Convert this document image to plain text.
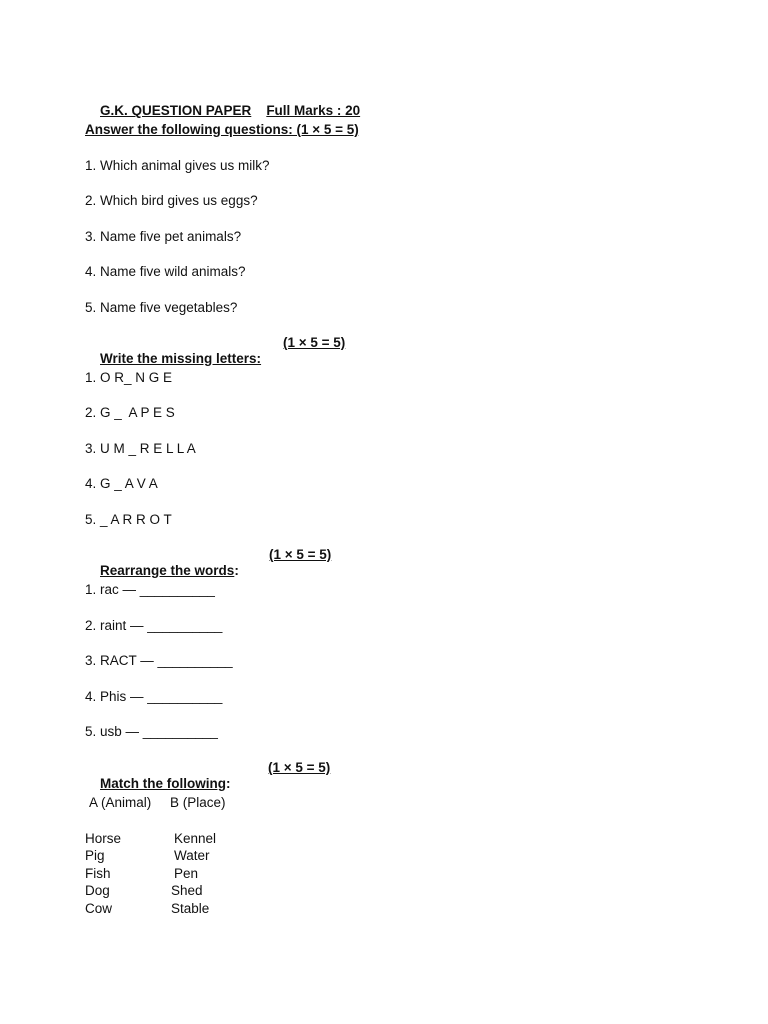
G.K. QUESTION PAPER Full Marks : 20

Answer the following questions: (1 × 5 = 5)
1. Which animal gives us milk?
2. Which bird gives us eggs?
3. Name five pet animals?
4. Name five wild animals?
5. Name five vegetables?

Write the missing letters:

(1 × 5 = 5)
1. O R_ N G E
2. G _  A P E S
3. U M _ R E L L A
4. G _ A V A
5. _ A R R O T

Rearrange the words:

(1 × 5 = 5)
1. rac — __________
2. raint — __________
3. RACT — __________
4. Phis — __________
5. usb — __________

Match the following:

(1 × 5 = 5)
A (Animal) B (Place)
Horse	Kennel
Pig	Water
Fish	Pen
Dog	Shed
Cow	Stable
